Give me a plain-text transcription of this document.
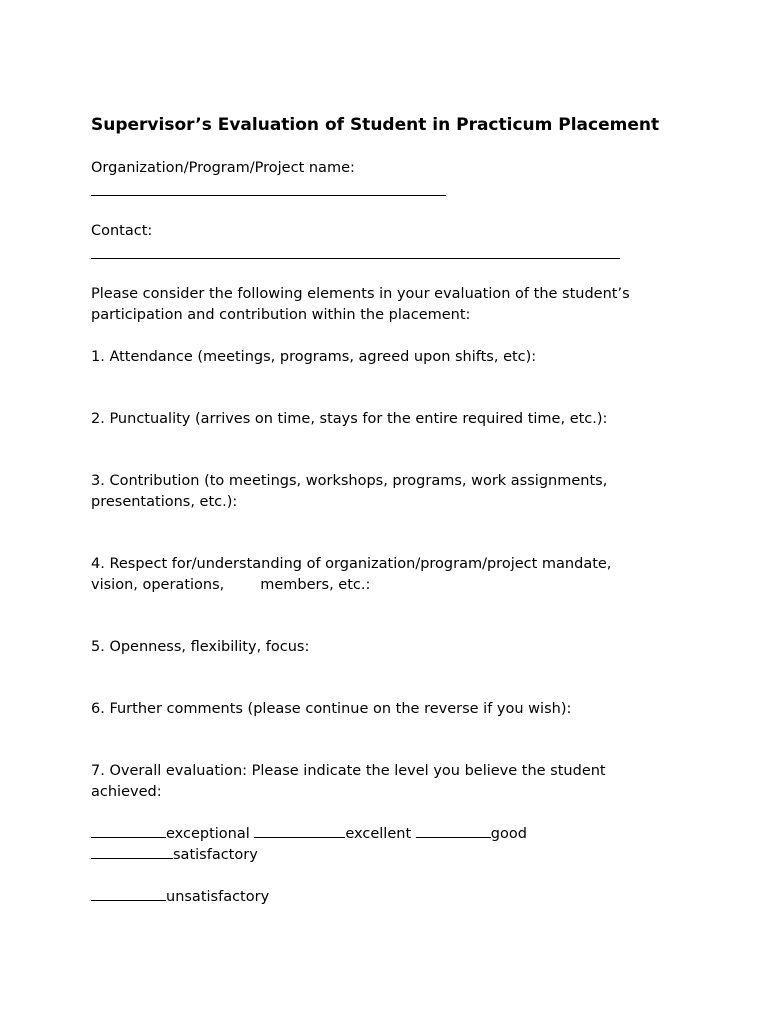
Supervisor’s Evaluation of Student in Practicum Placement

Organization/Program/Project name:

Contact:

Please consider the following elements in your evaluation of the student’s participation and contribution within the placement:

1. Attendance (meetings, programs, agreed upon shifts, etc):

2. Punctuality (arrives on time, stays for the entire required time, etc.):

3. Contribution (to meetings, workshops, programs, work assignments, presentations, etc.):

4. Respect for/understanding of organization/program/project mandate,
vision, operations, members, etc.:

5. Openness, flexibility, focus:

6. Further comments (please continue on the reverse if you wish):

7. Overall evaluation: Please indicate the level you believe the student achieved:

exceptional	excellent	good
satisfactory
unsatisfactory
